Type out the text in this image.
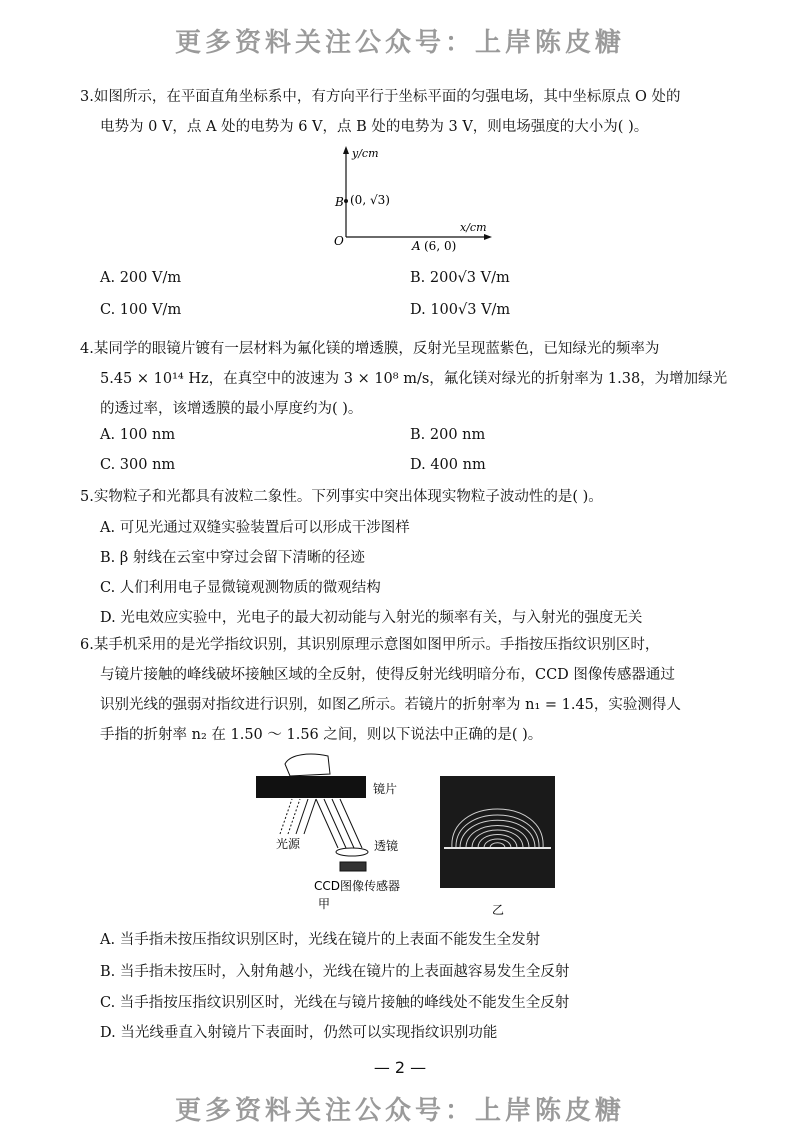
更多资料关注公众号：上岸陈皮糖
3.如图所示，在平面直角坐标系中，有方向平行于坐标平面的匀强电场，其中坐标原点 O 处的
电势为 0 V，点 A 处的电势为 6 V，点 B 处的电势为 3 V，则电场强度的大小为( )。
y/cm
x/cm
O
B (0, √3)
A (6, 0)
A. 200 V/m	B. 200√3 V/m
C. 100 V/m	D. 100√3 V/m
4.某同学的眼镜片镀有一层材料为氟化镁的增透膜，反射光呈现蓝紫色，已知绿光的频率为
5.45 × 10¹⁴ Hz，在真空中的波速为 3 × 10⁸ m/s，氟化镁对绿光的折射率为 1.38，为增加绿光
的透过率，该增透膜的最小厚度约为( )。
A. 100 nm	B. 200 nm
C. 300 nm	D. 400 nm
5.实物粒子和光都具有波粒二象性。下列事实中突出体现实物粒子波动性的是( )。
A. 可见光通过双缝实验装置后可以形成干涉图样
B. β 射线在云室中穿过会留下清晰的径迹
C. 人们利用电子显微镜观测物质的微观结构
D. 光电效应实验中，光电子的最大初动能与入射光的频率有关，与入射光的强度无关
6.某手机采用的是光学指纹识别，其识别原理示意图如图甲所示。手指按压指纹识别区时，
与镜片接触的峰线破坏接触区域的全反射，使得反射光线明暗分布，CCD 图像传感器通过
识别光线的强弱对指纹进行识别，如图乙所示。若镜片的折射率为 n₁ = 1.45，实验测得人
手指的折射率 n₂ 在 1.50 ～ 1.56 之间，则以下说法中正确的是( )。
镜片
光源	透镜
CCD图像传感器
甲	乙
A. 当手指未按压指纹识别区时，光线在镜片的上表面不能发生全发射
B. 当手指未按压时，入射角越小，光线在镜片的上表面越容易发生全反射
C. 当手指按压指纹识别区时，光线在与镜片接触的峰线处不能发生全反射
D. 当光线垂直入射镜片下表面时，仍然可以实现指纹识别功能
— 2 —
更多资料关注公众号：上岸陈皮糖
